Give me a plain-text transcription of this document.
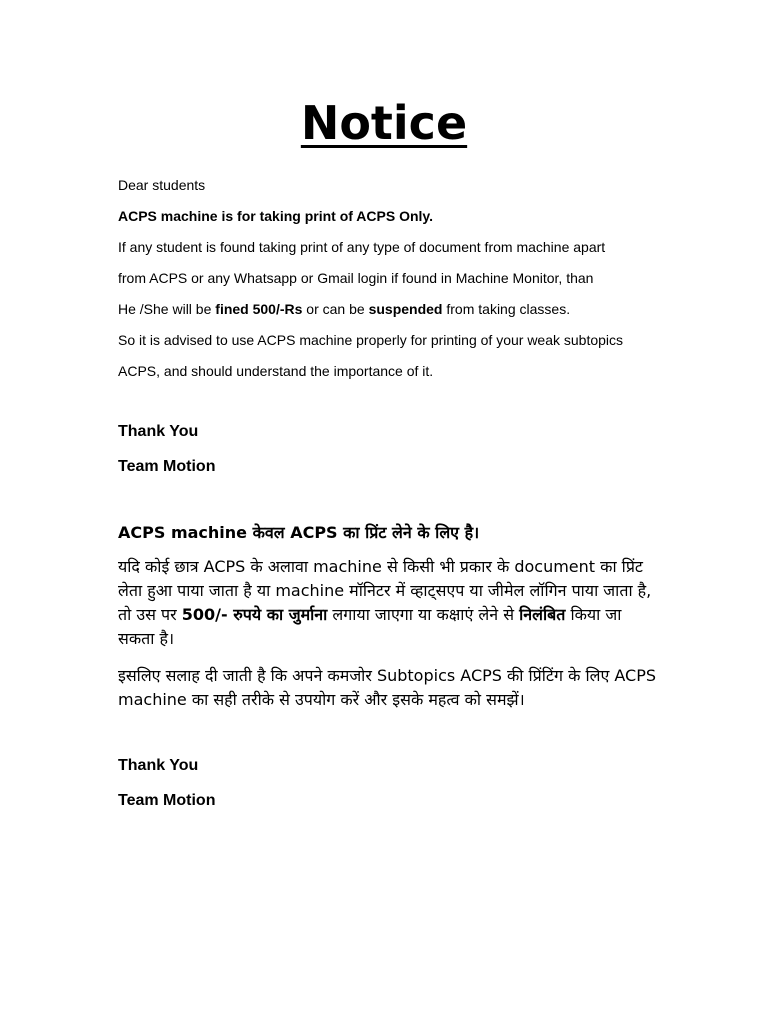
Notice
Dear students
ACPS machine is for taking print of ACPS Only.
If any student is found taking print of any type of document from machine apart
from ACPS or any Whatsapp or Gmail login if found in Machine Monitor, than
He /She will be fined 500/-Rs or can be suspended from taking classes.
So it is advised to use ACPS machine properly for printing of your weak subtopics
ACPS, and should understand the importance of it.
Thank You
Team Motion
ACPS machine केवल ACPS का प्रिंट लेने के लिए है।
यदि कोई छात्र ACPS के अलावा machine से किसी भी प्रकार के document का प्रिंट लेता हुआ पाया जाता है या machine मॉनिटर में व्हाट्सएप या जीमेल लॉगिन पाया जाता है, तो उस पर 500/- रुपये का जुर्माना लगाया जाएगा या कक्षाएं लेने से निलंबित किया जा सकता है।
इसलिए सलाह दी जाती है कि अपने कमजोर Subtopics ACPS की प्रिंटिंग के लिए ACPS machine का सही तरीके से उपयोग करें और इसके महत्व को समझें।
Thank You
Team Motion
